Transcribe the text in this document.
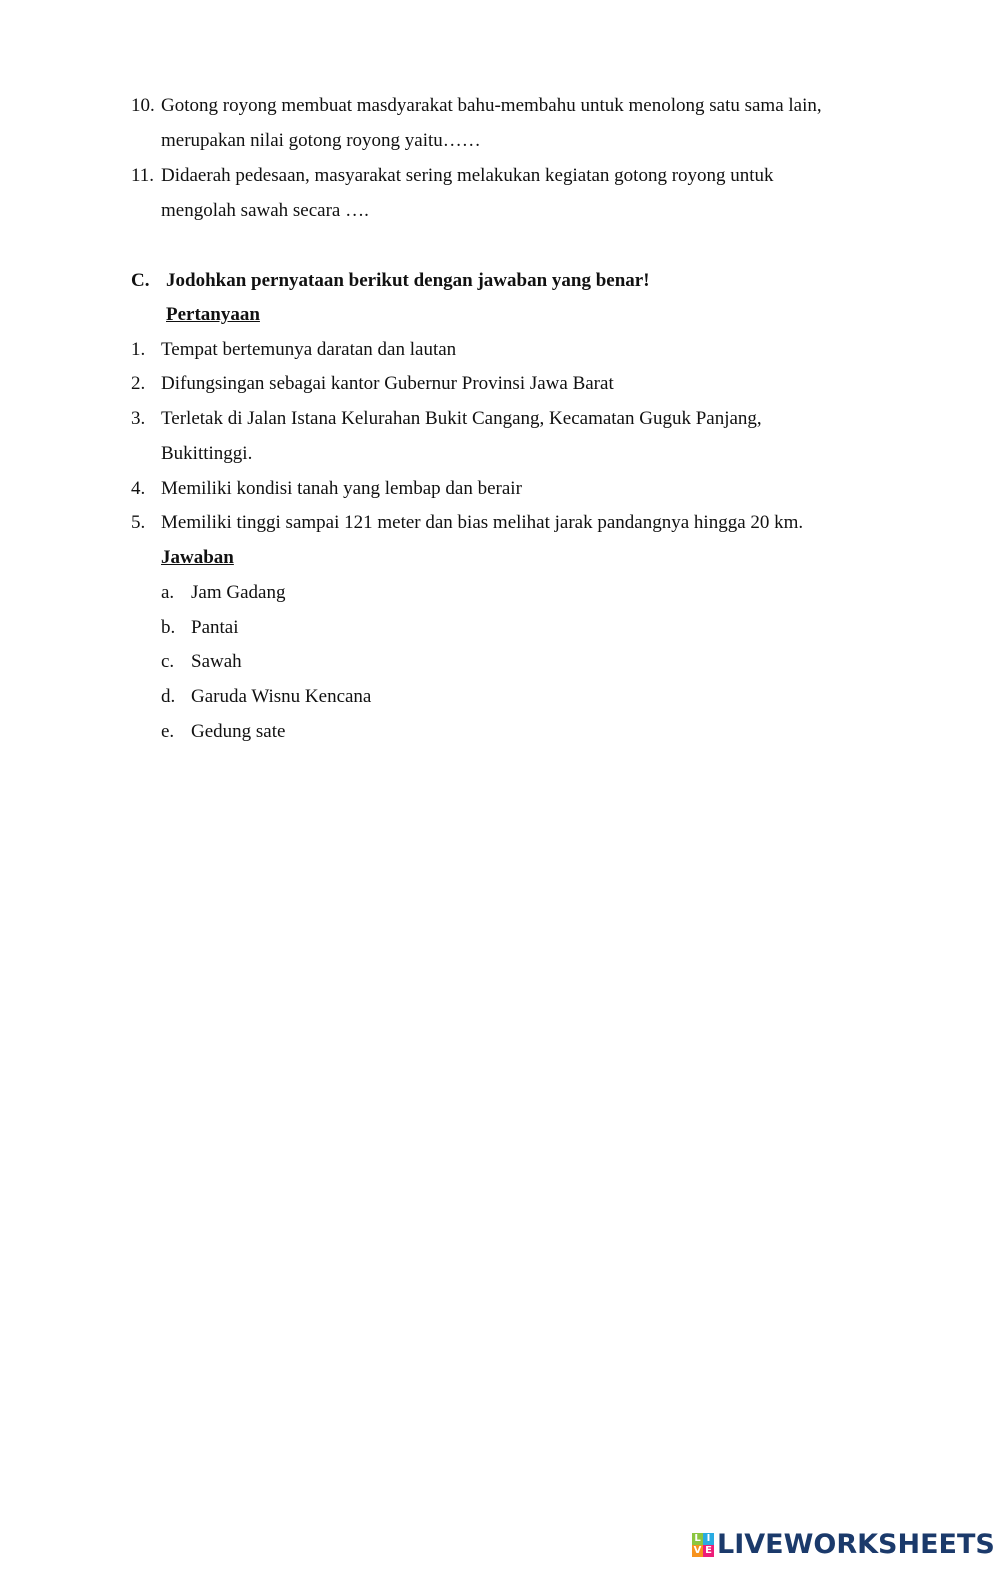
10. Gotong royong membuat masdyarakat bahu-membahu untuk menolong satu sama lain,
merupakan nilai gotong royong yaitu……
11. Didaerah pedesaan, masyarakat sering melakukan kegiatan gotong royong untuk
mengolah sawah secara ….
C. Jodohkan pernyataan berikut dengan jawaban yang benar!
Pertanyaan
1. Tempat bertemunya daratan dan lautan
2. Difungsingan sebagai kantor Gubernur Provinsi Jawa Barat
3. Terletak di Jalan Istana Kelurahan Bukit Cangang, Kecamatan Guguk Panjang,
Bukittinggi.
4. Memiliki kondisi tanah yang lembap dan berair
5. Memiliki tinggi sampai 121 meter dan bias melihat jarak pandangnya hingga 20 km.
Jawaban
a. Jam Gadang
b. Pantai
c. Sawah
d. Garuda Wisnu Kencana
e. Gedung sate
L I
V E LIVEWORKSHEETS
